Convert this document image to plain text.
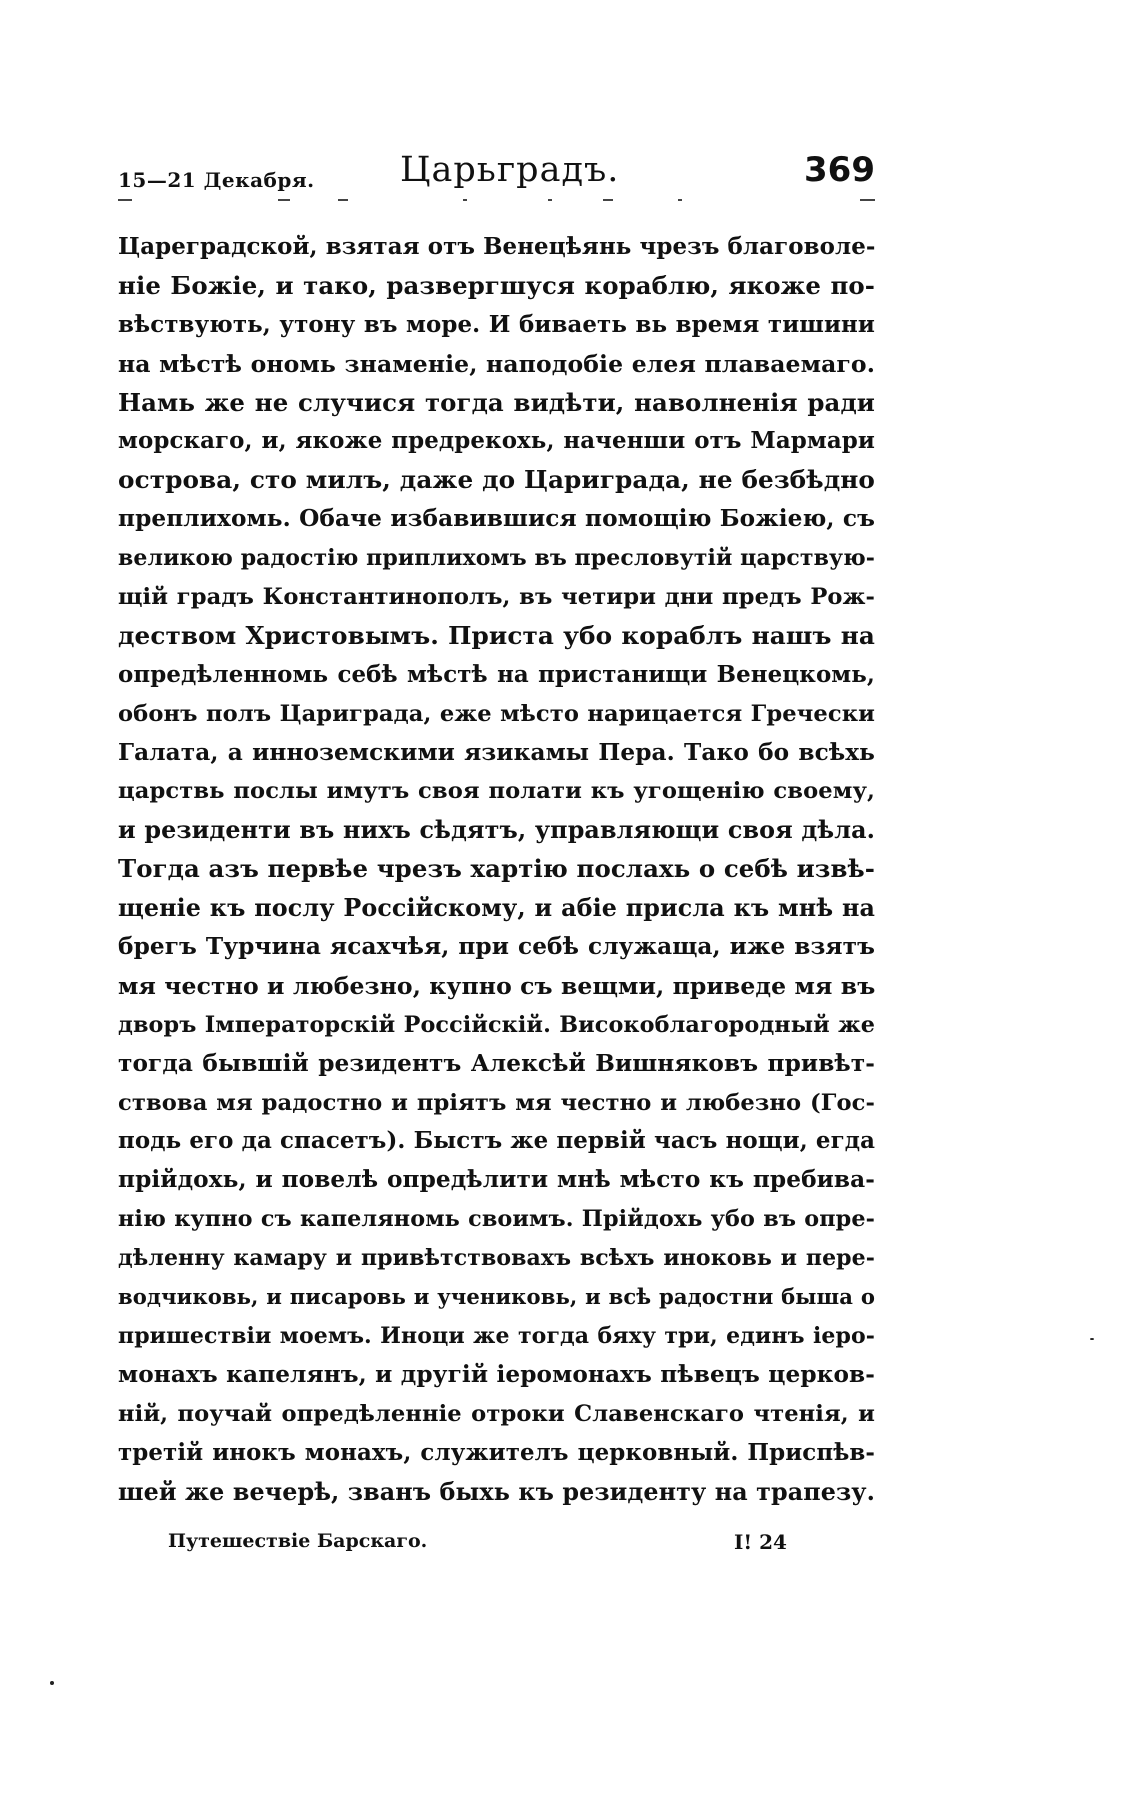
15—21 Декабря. Царьградъ.	369
Цареградской, взятая отъ Венецѣянь чрезъ благоволе-
ніе Божіе, и тако, развергшуся кораблю, якоже по-
вѣствують, утону въ море. И биваеть вь время тишини
на мѣстѣ ономь знаменіе, наподобіе елея плаваемаго.
Намь же не случися тогда видѣти, наволненія ради
морскаго, и, якоже предрекохь, наченши отъ Мармари
острова, сто милъ, даже до Цариграда, не безбѣдно
преплихомь. Обаче избавившися помощію Божіею, съ
великою радостію приплихомъ въ пресловутій царствую-
щій градъ Константинополъ, въ четири дни предъ Рож-
деством Христовымъ. Приста убо кораблъ нашъ на
опредѣленномь себѣ мѣстѣ на пристанищи Венецкомь,
обонъ полъ Цариграда, еже мѣсто нарицается Гречески
Галата, а инноземскими язикамы Пера. Тако бо всѣхь
царствь послы имутъ своя полати къ угощенію своему,
и резиденти въ нихъ сѣдятъ, управляющи своя дѣла.
Тогда азъ первѣе чрезъ хартію послахь о себѣ извѣ-
щеніе къ послу Россійскому, и абіе присла къ мнѣ на
брегъ Турчина ясахчѣя, при себѣ служаща, иже взятъ
мя честно и любезно, купно съ вещми, приведе мя въ
дворъ Імператорскій Россійскій. Високоблагородный же
тогда бывшій резидентъ Алексѣй Вишняковъ привѣт-
ствова мя радостно и пріятъ мя честно и любезно (Гос-
подь его да спасетъ). Быстъ же первій часъ нощи, егда
прійдохь, и повелѣ опредѣлити мнѣ мѣсто къ пребива-
нію купно съ капеляномь своимъ. Прійдохь убо въ опре-
дѣленну камару и привѣтствовахъ всѣхъ иноковь и пере-
водчиковь, и писаровь и учениковь, и всѣ радостни быша о
пришествіи моемъ. Иноци же тогда бяху три, единъ іеро-
монахъ капелянъ, и другій іеромонахъ пѣвецъ церков-
ній, поучай опредѣленніе отроки Славенскаго чтенія, и
третій инокъ монахъ, служителъ церковный. Приспѣв-
шей же вечерѣ, званъ быхь къ резиденту на трапезу.
Путешествіе Барскаго.	I! 24
